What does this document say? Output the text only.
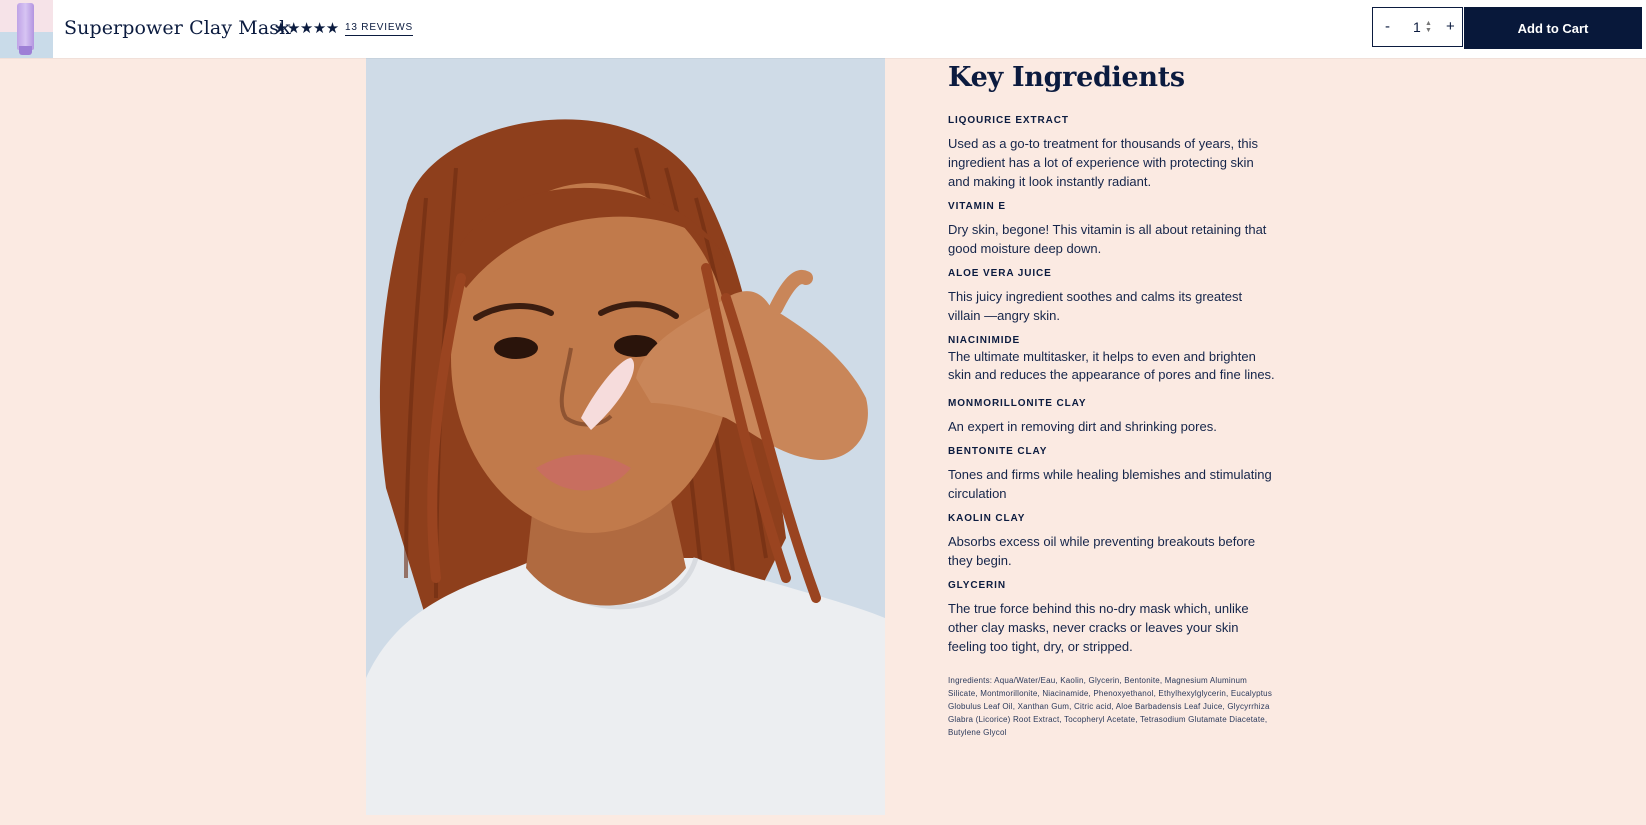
Superpower Clay Mask
★★★★★ 13 REVIEWS	- 1 ▲
▼ +	Add to Cart
Key Ingredients
LIQOURICE EXTRACT

Used as a go-to treatment for thousands of years, this ingredient has a lot of experience with protecting skin and making it look instantly radiant.

VITAMIN E

Dry skin, begone! This vitamin is all about retaining that good moisture deep down.

ALOE VERA JUICE

This juicy ingredient soothes and calms its greatest villain —angry skin.

NIACINIMIDE

The ultimate multitasker, it helps to even and brighten skin and reduces the appearance of pores and fine lines.

MONMORILLONITE CLAY

An expert in removing dirt and shrinking pores.

BENTONITE CLAY

Tones and firms while healing blemishes and stimulating circulation

KAOLIN CLAY

Absorbs excess oil while preventing breakouts before they begin.

GLYCERIN

The true force behind this no-dry mask which, unlike other clay masks, never cracks or leaves your skin feeling too tight, dry, or stripped.

Ingredients: Aqua/Water/Eau, Kaolin, Glycerin, Bentonite, Magnesium Aluminum Silicate, Montmorillonite, Niacinamide, Phenoxyethanol, Ethylhexylglycerin, Eucalyptus Globulus Leaf Oil, Xanthan Gum, Citric acid, Aloe Barbadensis Leaf Juice, Glycyrrhiza Glabra (Licorice) Root Extract, Tocopheryl Acetate, Tetrasodium Glutamate Diacetate, Butylene Glycol
